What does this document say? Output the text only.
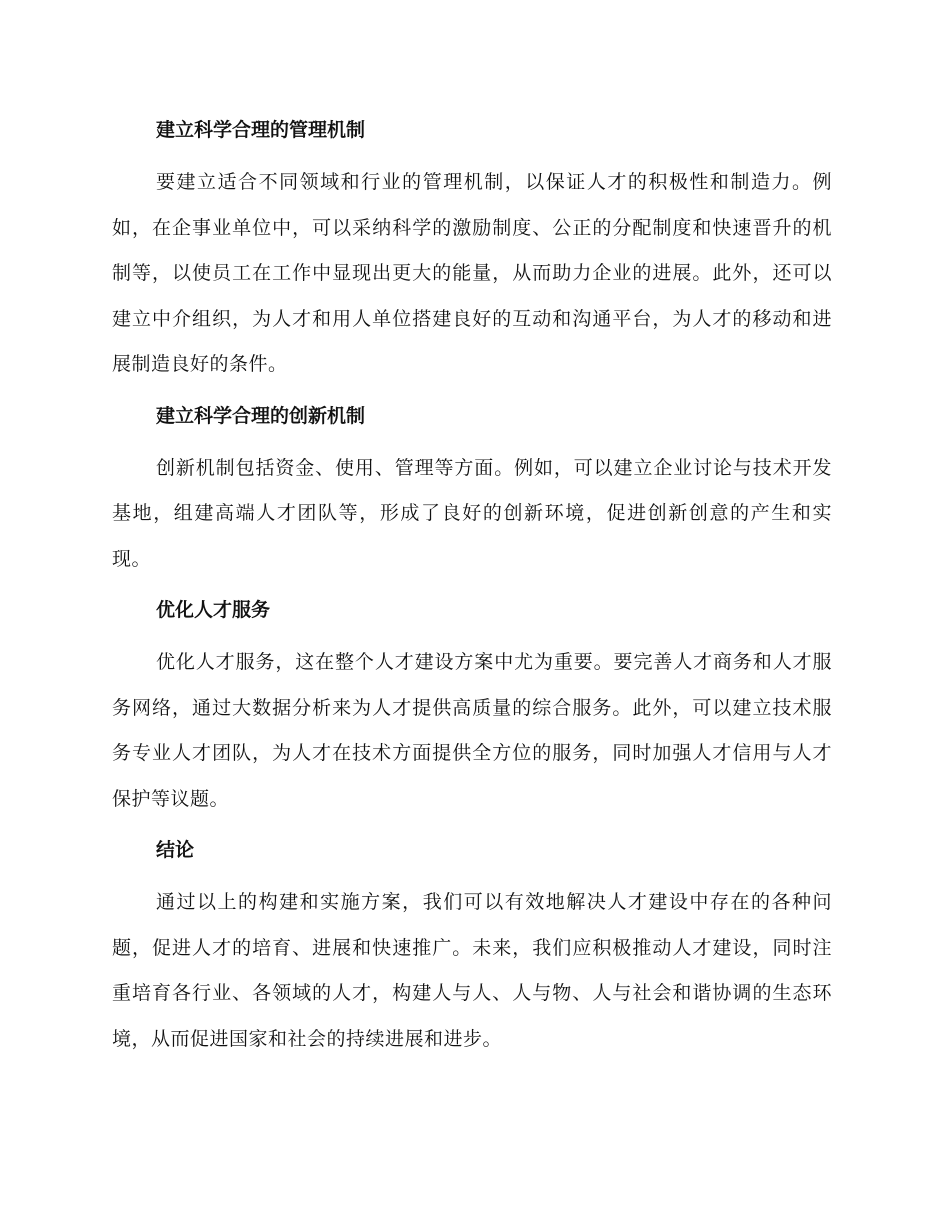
建立科学合理的管理机制

要建立适合不同领域和行业的管理机制，以保证人才的积极性和制造力。例如，在企事业单位中，可以采纳科学的激励制度、公正的分配制度和快速晋升的机制等，以使员工在工作中显现出更大的能量，从而助力企业的进展。此外，还可以建立中介组织，为人才和用人单位搭建良好的互动和沟通平台，为人才的移动和进展制造良好的条件。

建立科学合理的创新机制

创新机制包括资金、使用、管理等方面。例如，可以建立企业讨论与技术开发基地，组建高端人才团队等，形成了良好的创新环境，促进创新创意的产生和实现。

优化人才服务

优化人才服务，这在整个人才建设方案中尤为重要。要完善人才商务和人才服务网络，通过大数据分析来为人才提供高质量的综合服务。此外，可以建立技术服务专业人才团队，为人才在技术方面提供全方位的服务，同时加强人才信用与人才保护等议题。

结论

通过以上的构建和实施方案，我们可以有效地解决人才建设中存在的各种问题，促进人才的培育、进展和快速推广。未来，我们应积极推动人才建设，同时注重培育各行业、各领域的人才，构建人与人、人与物、人与社会和谐协调的生态环境，从而促进国家和社会的持续进展和进步。
